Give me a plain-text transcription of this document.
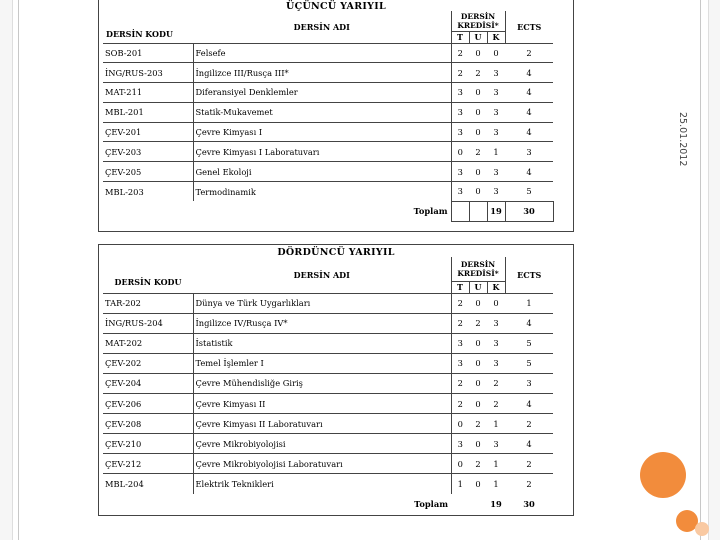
ÜÇÜNCÜ YARIYIL
DERSİN KODU	DERSİN ADI	DERSİN
KREDİSİ*			ECTS
		T	U	K	
SOB-201	Felsefe	2	0	0	2
İNG/RUS-203	İngilizce III/Rusça III*	2	2	3	4
MAT-211	Diferansiyel Denklemler	3	0	3	4
MBL-201	Statik-Mukavemet	3	0	3	4
ÇEV-201	Çevre Kimyası I	3	0	3	4
ÇEV-203	Çevre Kimyası I Laboratuvarı	0	2	1	3
ÇEV-205	Genel Ekoloji	3	0	3	4
MBL-203	Termodinamik	3	0	3	5
	Toplam			19	30
DÖRDÜNCÜ YARIYIL
DERSİN KODU	DERSİN ADI	DERSİN
KREDİSİ*			ECTS
		T	U	K	
TAR-202	Dünya ve Türk Uygarlıkları	2	0	0	1
İNG/RUS-204	İngilizce IV/Rusça IV*	2	2	3	4
MAT-202	İstatistik	3	0	3	5
ÇEV-202	Temel İşlemler I	3	0	3	5
ÇEV-204	Çevre Mühendisliğe Giriş	2	0	2	3
ÇEV-206	Çevre Kimyası II	2	0	2	4
ÇEV-208	Çevre Kimyası II Laboratuvarı	0	2	1	2
ÇEV-210	Çevre Mikrobiyolojisi	3	0	3	4
ÇEV-212	Çevre Mikrobiyolojisi Laboratuvarı	0	2	1	2
MBL-204	Elektrik Teknikleri	1	0	1	2
	Toplam			19	30
25.01.2012
